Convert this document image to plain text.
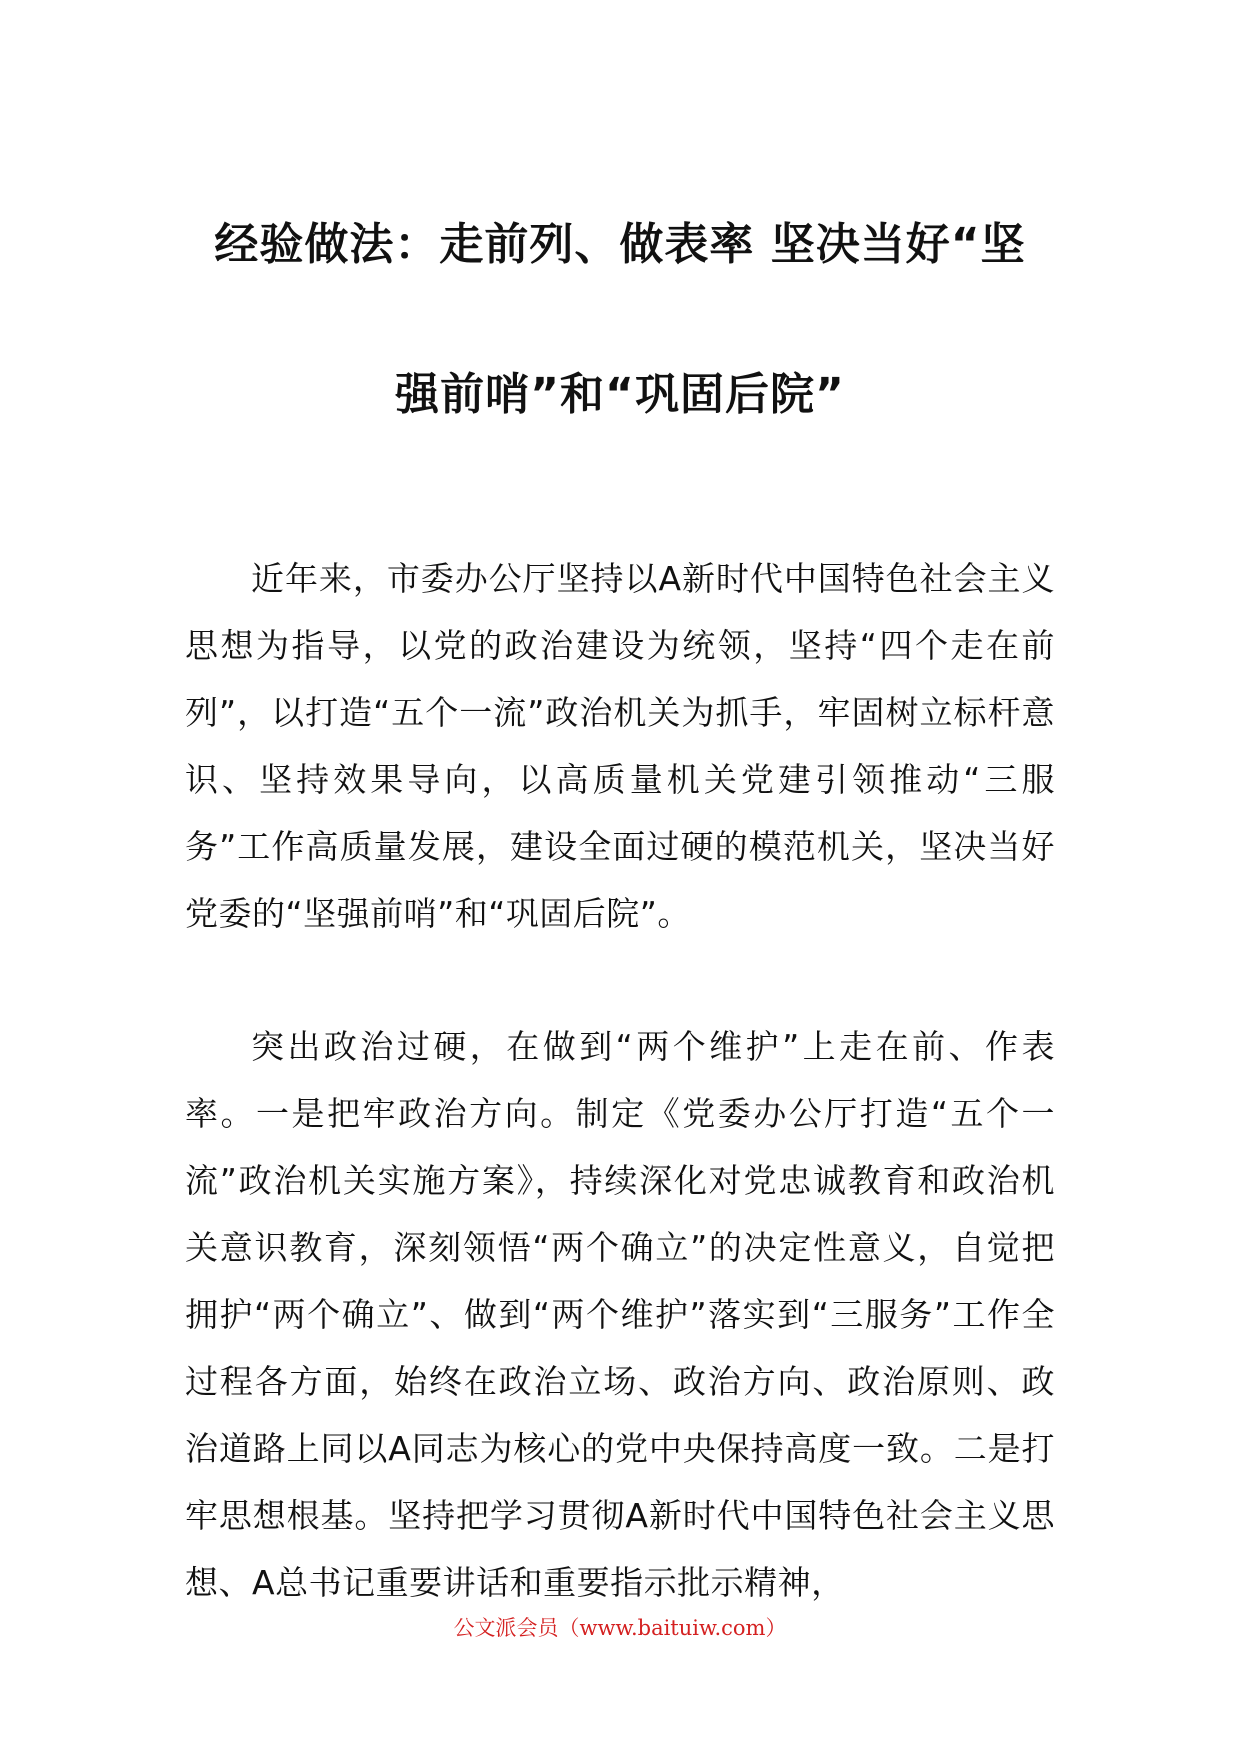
经验做法：走前列、做表率 坚决当好“坚
强前哨”和“巩固后院”

近年来，市委办公厅坚持以A新时代中国特色社会主义思想为指导，以党的政治建设为统领，坚持“四个走在前列”，以打造“五个一流”政治机关为抓手，牢固树立标杆意识、坚持效果导向，以高质量机关党建引领推动“三服务”工作高质量发展，建设全面过硬的模范机关，坚决当好党委的“坚强前哨”和“巩固后院”。

突出政治过硬，在做到“两个维护”上走在前、作表率。一是把牢政治方向。制定《党委办公厅打造“五个一流”政治机关实施方案》，持续深化对党忠诚教育和政治机关意识教育，深刻领悟“两个确立”的决定性意义，自觉把拥护“两个确立”、做到“两个维护”落实到“三服务”工作全过程各方面，始终在政治立场、政治方向、政治原则、政治道路上同以A同志为核心的党中央保持高度一致。二是打牢思想根基。坚持把学习贯彻A新时代中国特色社会主义思想、A总书记重要讲话和重要指示批示精神，

公文派会员（www.baituiw.com）
